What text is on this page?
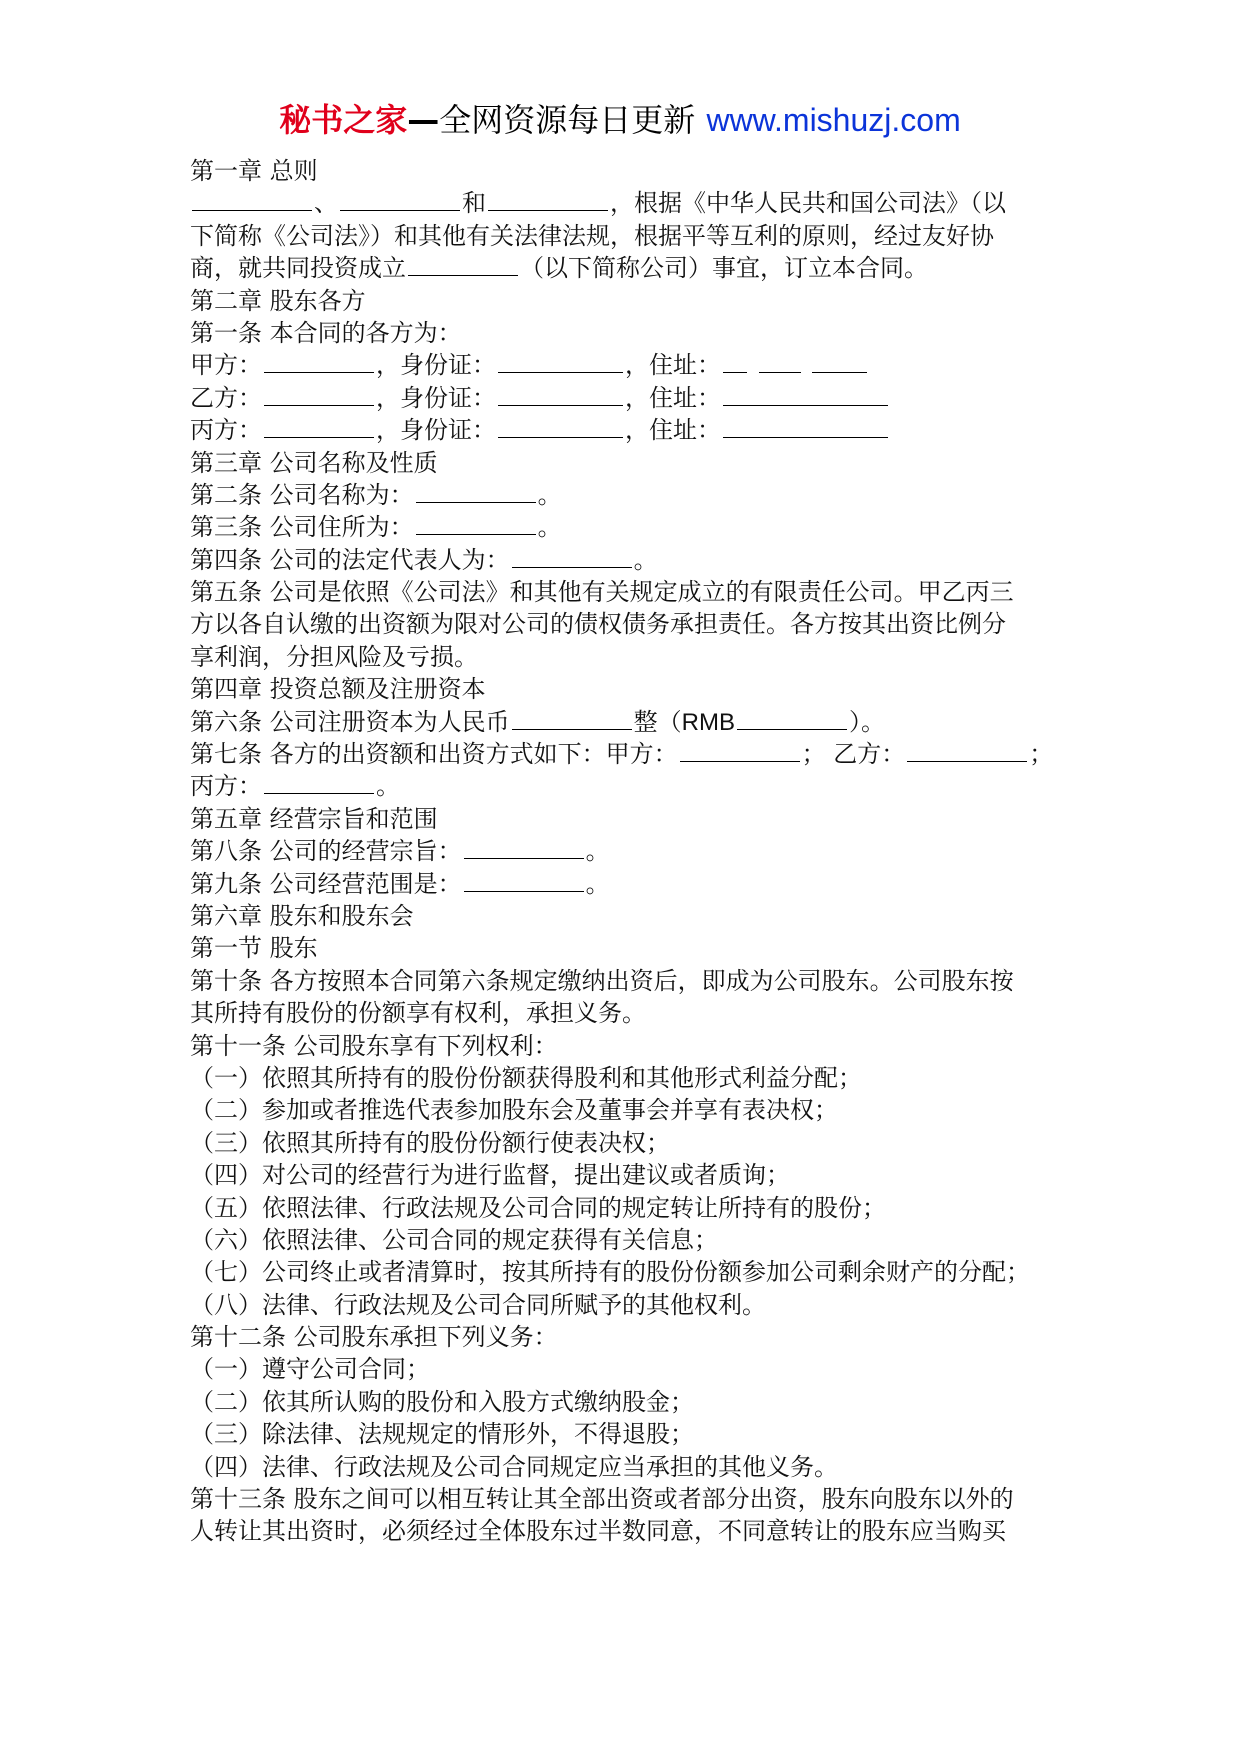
秘书之家—全网资源每日更新 www.mishuzj.com
第一章 总则
、	和	，根据《中华人民共和国公司法》（以
下简称《公司法》）和其他有关法律法规，根据平等互利的原则，经过友好协
商，就共同投资成立	（以下简称公司）事宜，订立本合同。
第二章 股东各方
第一条 本合同的各方为：
甲方：	，身份证：	，住址：
乙方：	，身份证：	，住址：
丙方：	，身份证：	，住址：
第三章 公司名称及性质
第二条 公司名称为：	。
第三条 公司住所为：	。
第四条 公司的法定代表人为：	。
第五条 公司是依照《公司法》和其他有关规定成立的有限责任公司。甲乙丙三
方以各自认缴的出资额为限对公司的债权债务承担责任。各方按其出资比例分
享利润，分担风险及亏损。
第四章 投资总额及注册资本
第六条 公司注册资本为人民币	整（RMB	）。
第七条 各方的出资额和出资方式如下：甲方：	； 乙方：	；
丙方：	。
第五章 经营宗旨和范围
第八条 公司的经营宗旨：	。
第九条 公司经营范围是：	。
第六章 股东和股东会
第一节 股东
第十条 各方按照本合同第六条规定缴纳出资后，即成为公司股东。公司股东按
其所持有股份的份额享有权利，承担义务。
第十一条 公司股东享有下列权利：
（一）依照其所持有的股份份额获得股利和其他形式利益分配；
（二）参加或者推选代表参加股东会及董事会并享有表决权；
（三）依照其所持有的股份份额行使表决权；
（四）对公司的经营行为进行监督，提出建议或者质询；
（五）依照法律、行政法规及公司合同的规定转让所持有的股份；
（六）依照法律、公司合同的规定获得有关信息；
（七）公司终止或者清算时，按其所持有的股份份额参加公司剩余财产的分配；
（八）法律、行政法规及公司合同所赋予的其他权利。
第十二条 公司股东承担下列义务：
（一）遵守公司合同；
（二）依其所认购的股份和入股方式缴纳股金；
（三）除法律、法规规定的情形外，不得退股；
（四）法律、行政法规及公司合同规定应当承担的其他义务。
第十三条 股东之间可以相互转让其全部出资或者部分出资，股东向股东以外的
人转让其出资时，必须经过全体股东过半数同意，不同意转让的股东应当购买
